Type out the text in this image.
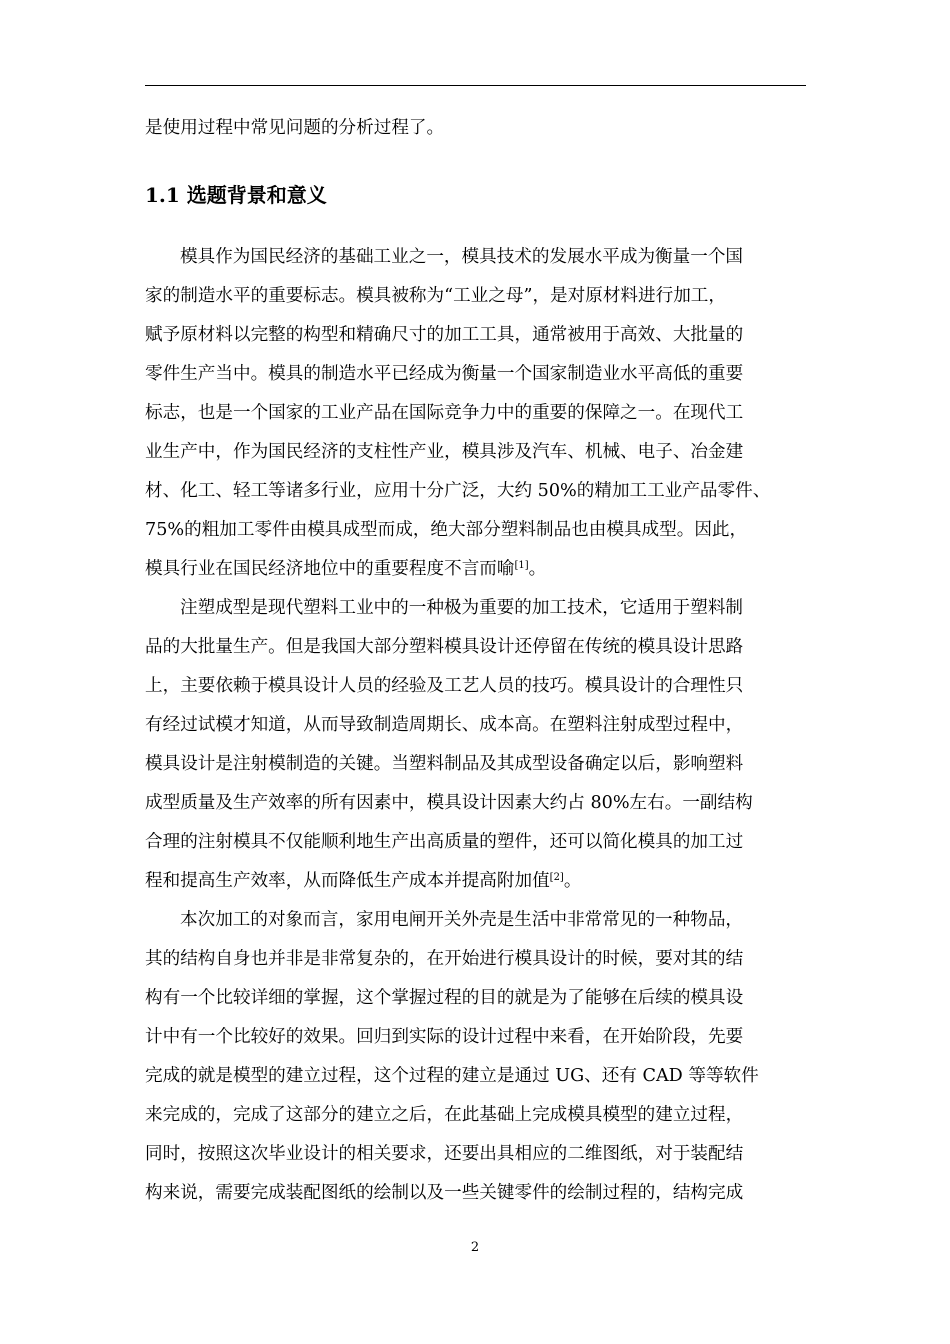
是使用过程中常见问题的分析过程了。
1.1 选题背景和意义
模具作为国民经济的基础工业之一，模具技术的发展水平成为衡量一个国
家的制造水平的重要标志。模具被称为“工业之母”，是对原材料进行加工，
赋予原材料以完整的构型和精确尺寸的加工工具，通常被用于高效、大批量的
零件生产当中。模具的制造水平已经成为衡量一个国家制造业水平高低的重要
标志，也是一个国家的工业产品在国际竞争力中的重要的保障之一。在现代工
业生产中，作为国民经济的支柱性产业，模具涉及汽车、机械、电子、冶金建
材、化工、轻工等诸多行业，应用十分广泛，大约 50%的精加工工业产品零件、
75%的粗加工零件由模具成型而成，绝大部分塑料制品也由模具成型。因此，
模具行业在国民经济地位中的重要程度不言而喻[1]。
注塑成型是现代塑料工业中的一种极为重要的加工技术，它适用于塑料制
品的大批量生产。但是我国大部分塑料模具设计还停留在传统的模具设计思路
上，主要依赖于模具设计人员的经验及工艺人员的技巧。模具设计的合理性只
有经过试模才知道，从而导致制造周期长、成本高。在塑料注射成型过程中，
模具设计是注射模制造的关键。当塑料制品及其成型设备确定以后，影响塑料
成型质量及生产效率的所有因素中，模具设计因素大约占 80%左右。一副结构
合理的注射模具不仅能顺利地生产出高质量的塑件，还可以简化模具的加工过
程和提高生产效率，从而降低生产成本并提高附加值[2]。
本次加工的对象而言，家用电闸开关外壳是生活中非常常见的一种物品，
其的结构自身也并非是非常复杂的，在开始进行模具设计的时候，要对其的结
构有一个比较详细的掌握，这个掌握过程的目的就是为了能够在后续的模具设
计中有一个比较好的效果。回归到实际的设计过程中来看，在开始阶段，先要
完成的就是模型的建立过程，这个过程的建立是通过 UG、还有 CAD 等等软件
来完成的，完成了这部分的建立之后，在此基础上完成模具模型的建立过程，
同时，按照这次毕业设计的相关要求，还要出具相应的二维图纸，对于装配结
构来说，需要完成装配图纸的绘制以及一些关键零件的绘制过程的，结构完成
2
